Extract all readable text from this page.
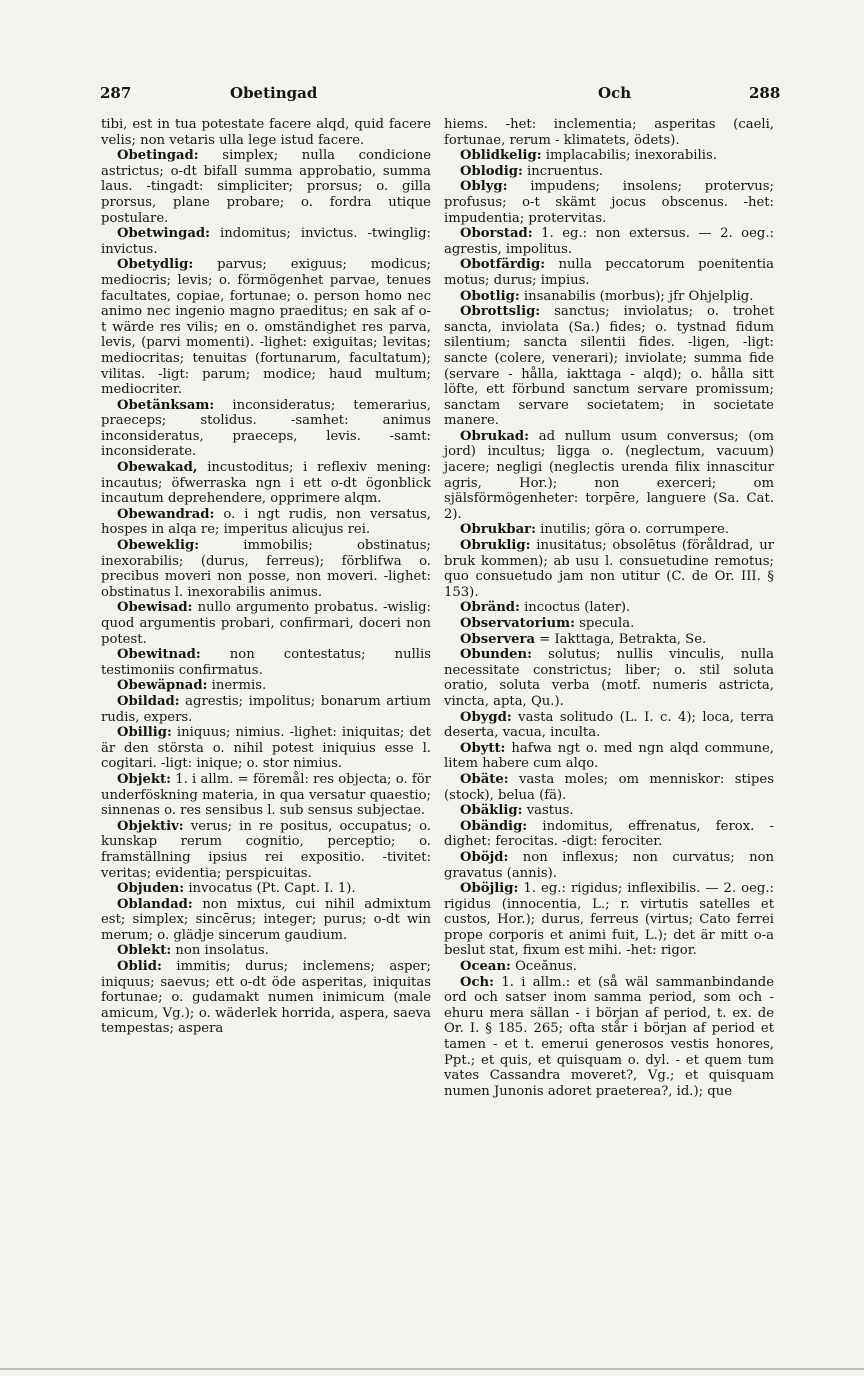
287	Obetingad	Och	288

tibi, est in tua potestate facere alqd, quid facere velis; non vetaris ulla lege istud facere.

Obetingad: simplex; nulla condicione astrictus; o-dt bifall summa approbatio, summa laus. -tingadt: simpliciter; prorsus; o. gilla prorsus, plane probare; o. fordra utique postulare.

Obetwingad: indomitus; invictus. -twinglig: invictus.

Obetydlig: parvus; exiguus; modicus; mediocris; levis; o. förmögenhet parvae, tenues facultates, copiae, fortunae; o. person homo nec animo nec ingenio magno praeditus; en sak af o-t wärde res vilis; en o. omständighet res parva, levis, (parvi momenti). -lighet: exiguitas; levitas; mediocritas; tenuitas (fortunarum, facultatum); vilitas. -ligt: parum; modice; haud multum; mediocriter.

Obetänksam: inconsideratus; temerarius, praeceps; stolidus. -samhet: animus inconsideratus, praeceps, levis. -samt: inconsiderate.

Obewakad, incustoditus; i reflexiv mening: incautus; öfwerraska ngn i ett o-dt ögonblick incautum deprehendere, opprimere alqm.

Obewandrad: o. i ngt rudis, non versatus, hospes in alqa re; imperitus alicujus rei.

Obeweklig:	immobilis; obstinatus; inexorabilis; (durus, ferreus); förblifwa o. precibus moveri non posse, non moveri. -lighet: obstinatus l. inexorabilis animus.

Obewisad: nullo argumento probatus. -wislig: quod argumentis probari, confirmari, doceri non potest.

Obewitnad: non contestatus; nullis testimoniis confirmatus.

Obewäpnad: inermis.

Obildad: agrestis; impolitus; bonarum artium rudis, expers.

Obillig: iniquus; nimius. -lighet: iniquitas; det är den största o. nihil potest iniquius esse l. cogitari. -ligt: inique; o. stor nimius.

Objekt: 1. i allm. = föremål: res objecta; o. för underföskning materia, in qua versatur quaestio; sinnenas o. res sensibus l. sub sensus subjectae.

Objektiv: verus; in re positus, occupatus; o. kunskap rerum cognitio, perceptio; o. framställning ipsius rei expositio. -tivitet: veritas; evidentia; perspicuitas.

Objuden: invocatus (Pt. Capt. I. 1).

Oblandad: non mixtus, cui nihil admixtum est; simplex; sincērus; integer; purus; o-dt win merum; o. glädje sincerum gaudium.

Oblekt: non insolatus.

Oblid: immitis; durus; inclemens; asper; iniquus; saevus; ett o-dt öde asperitas, iniquitas fortunae; o. gudamakt numen inimicum (male amicum, Vg.); o. wäderlek horrida, aspera, saeva tempestas; aspera

hiems. -het: inclementia; asperitas (caeli, fortunae, rerum - klimatets, ödets).

Oblidkelig: implacabilis; inexorabilis.

Oblodig: incruentus.

Oblyg: impudens; insolens; protervus; profusus; o-t skämt jocus obscenus. -het: impudentia; protervitas.

Oborstad: 1. eg.: non extersus. — 2. oeg.: agrestis, impolitus.

Obotfärdig: nulla peccatorum poenitentia motus; durus; impius.

Obotlig: insanabilis (morbus); jfr Ohjelplig.

Obrottslig: sanctus; inviolatus; o. trohet sancta, inviolata (Sa.) fides; o. tystnad fidum silentium; sancta silentii fides. -ligen, -ligt: sancte (colere, venerari); inviolate; summa fide (servare - hålla, iakttaga - alqd); o. hålla sitt löfte, ett förbund sanctum servare promissum; sanctam servare societatem; in societate manere.

Obrukad: ad nullum usum conversus; (om jord) incultus; ligga o. (neglectum, vacuum) jacere; negligi (neglectis urenda filix innascitur agris, Hor.); non exerceri; om själsförmögenheter: torpēre, languere (Sa. Cat. 2).

Obrukbar: inutilis; göra o. corrumpere.

Obruklig: inusitatus; obsolētus (föråldrad, ur bruk kommen); ab usu l. consuetudine remotus; quo consuetudo jam non utitur (C. de Or. III. § 153).

Obränd: incoctus (later).

Observatorium: specula.

Observera = Iakttaga, Betrakta, Se.

Obunden: solutus; nullis vinculis, nulla necessitate constrictus; liber; o. stil soluta oratio, soluta verba (motf. numeris astricta, vincta, apta, Qu.).

Obygd: vasta solitudo (L. I. c. 4); loca, terra deserta, vacua, inculta.

Obytt: hafwa ngt o. med ngn alqd commune, litem habere cum alqo.

Obäte: vasta moles; om menniskor: stipes (stock), belua (fä).

Obäklig: vastus.

Obändig: indomitus, effrenatus, ferox. -dighet: ferocitas. -digt: ferociter.

Oböjd: non inflexus; non curvatus; non gravatus (annis).

Oböjlig: 1. eg.: rigidus; inflexibilis. — 2. oeg.: rigidus (innocentia, L.; r. virtutis satelles et custos, Hor.); durus, ferreus (virtus; Cato ferrei prope corporis et animi fuit, L.); det är mitt o-a beslut stat, fixum est mihi. -het: rigor.

Ocean: Oceănus.

Och: 1. i allm.: et (så wäl sammanbindande ord och satser inom samma period, som och - ehuru mera sällan - i början af period, t. ex. de Or. I. § 185. 265; ofta står i början af period et tamen - et t. emerui generosos vestis honores, Ppt.; et quis, et quisquam o. dyl. - et quem tum vates Cassandra moveret?, Vg.; et quisquam numen Junonis adoret praeterea?, id.); que
